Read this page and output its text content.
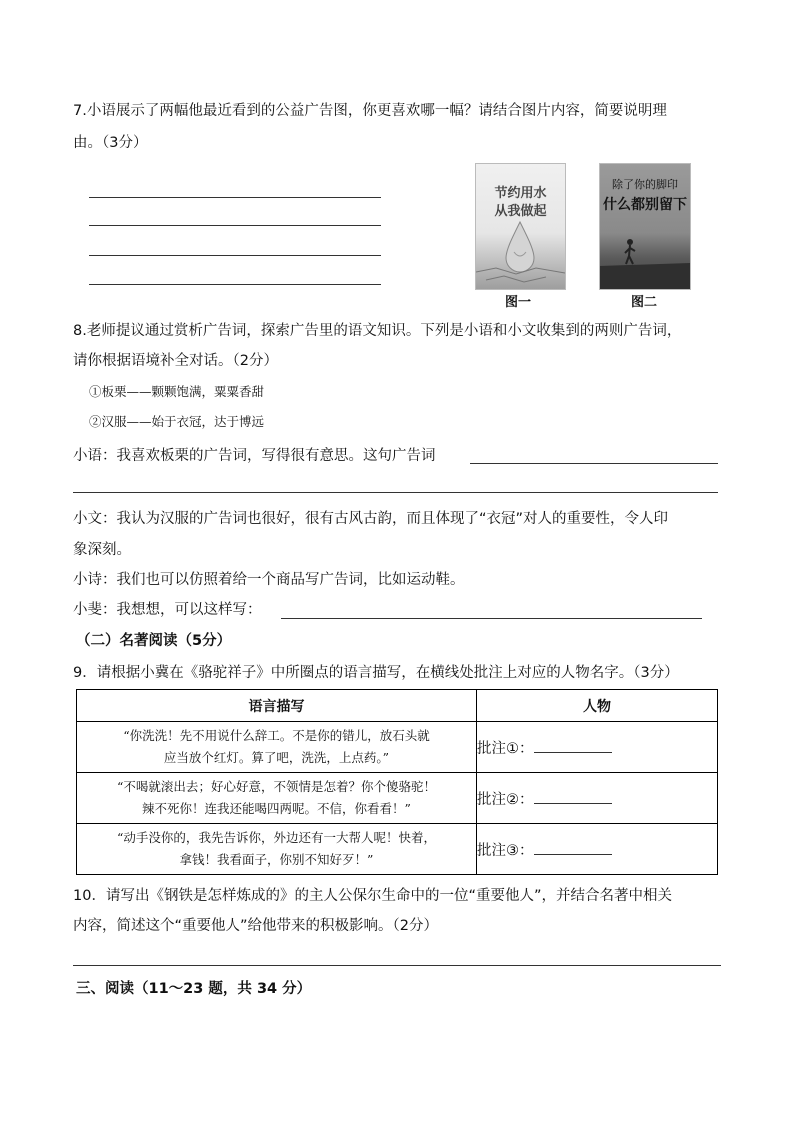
7.小语展示了两幅他最近看到的公益广告图，你更喜欢哪一幅？请结合图片内容，简要说明理
由。（3分）
节约用水
从我做起
图一
除了你的脚印
什么都别留下
图二
8.老师提议通过赏析广告词，探索广告里的语文知识。下列是小语和小文收集到的两则广告词，
请你根据语境补全对话。（2分）
①板栗——颗颗饱满，粟粟香甜
②汉服——始于衣冠，达于博远
小语：我喜欢板栗的广告词，写得很有意思。这句广告词
小文：我认为汉服的广告词也很好，很有古风古韵，而且体现了“衣冠”对人的重要性，令人印
象深刻。
小诗：我们也可以仿照着给一个商品写广告词，比如运动鞋。
小斐：我想想，可以这样写：
（二）名著阅读（5分）
9．请根据小冀在《骆驼祥子》中所圈点的语言描写，在横线处批注上对应的人物名字。（3分）
语言描写	人物

“你洗洗！先不用说什么辞工。不是你的错儿，放石头就
应当放个红灯。算了吧，洗洗，上点药。”	批注①：

“不喝就滚出去；好心好意，不领情是怎着？你个傻骆驼！
辣不死你！连我还能喝四两呢。不信，你看看！”	批注②：

“动手没你的，我先告诉你，外边还有一大帮人呢！快着，
拿钱！我看面子，你别不知好歹！”	批注③：
10．请写出《钢铁是怎样炼成的》的主人公保尔生命中的一位“重要他人”，并结合名著中相关
内容，简述这个“重要他人”给他带来的积极影响。（2分）
三、阅读（11～23 题，共 34 分）
